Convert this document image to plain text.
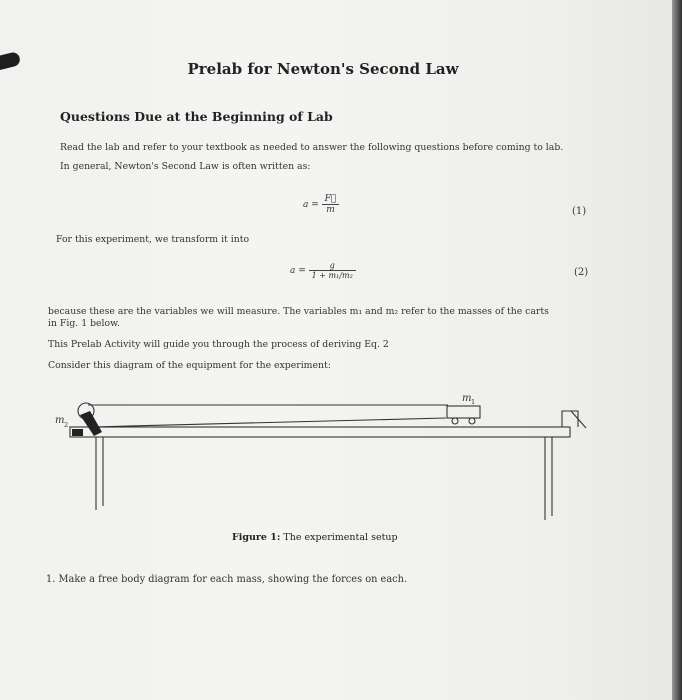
Prelab for Newton's Second Law
Questions Due at the Beginning of Lab
Read the lab and refer to your textbook as needed to answer the following questions before coming to lab.
In general, Newton's Second Law is often written as:
$a = \frac{F⃗}{m}$	(1)
For this experiment, we transform it into
$a = \frac{g}{\text{1 + m₁/m₂}}$	(2)
because these are the variables we will measure. The variables m₁ and m₂ refer to the masses of the carts
in Fig. 1 below.
This Prelab Activity will guide you through the process of deriving Eq. 2
Consider this diagram of the equipment for the experiment:
m 2
m 1
Figure 1: The experimental setup
1. Make a free body diagram for each mass, showing the forces on each.
